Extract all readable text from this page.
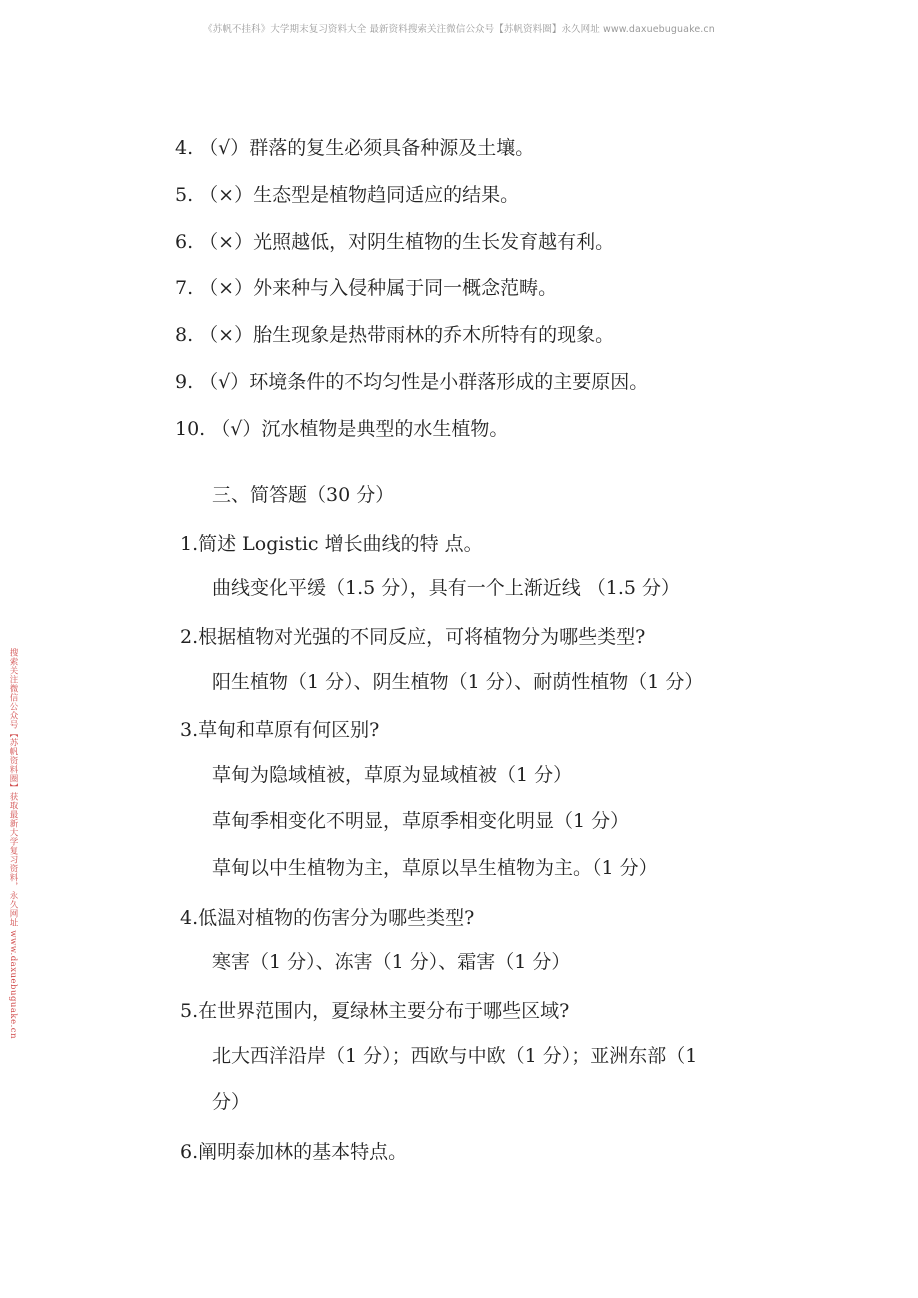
《苏帆不挂科》大学期末复习资料大全 最新资料搜索关注微信公众号【苏帆资料圈】永久网址 www.daxuebuguake.cn
搜索关注微信公众号【苏帆资料圈】获取最新大学复习资料，永久网址 www.daxuebuguake.cn
4. （√）群落的复生必须具备种源及土壤。
5. （×）生态型是植物趋同适应的结果。
6. （×）光照越低，对阴生植物的生长发育越有利。
7. （×）外来种与入侵种属于同一概念范畴。
8. （×）胎生现象是热带雨林的乔木所特有的现象。
9. （√）环境条件的不均匀性是小群落形成的主要原因。
10. （√）沉水植物是典型的水生植物。
三、简答题（30 分）
1.简述 Logistic 增长曲线的特 点。
曲线变化平缓（1.5 分），具有一个上渐近线 （1.5 分）
2.根据植物对光强的不同反应，可将植物分为哪些类型?
阳生植物（1 分）、阴生植物（1 分）、耐荫性植物（1 分）
3.草甸和草原有何区别?
草甸为隐域植被，草原为显域植被（1 分）
草甸季相变化不明显，草原季相变化明显（1 分）
草甸以中生植物为主，草原以旱生植物为主。（1 分）
4.低温对植物的伤害分为哪些类型?
寒害（1 分）、冻害（1 分）、霜害（1 分）
5.在世界范围内，夏绿林主要分布于哪些区域?
北大西洋沿岸（1 分）；西欧与中欧（1 分）；亚洲东部（1
分）
6.阐明泰加林的基本特点。
